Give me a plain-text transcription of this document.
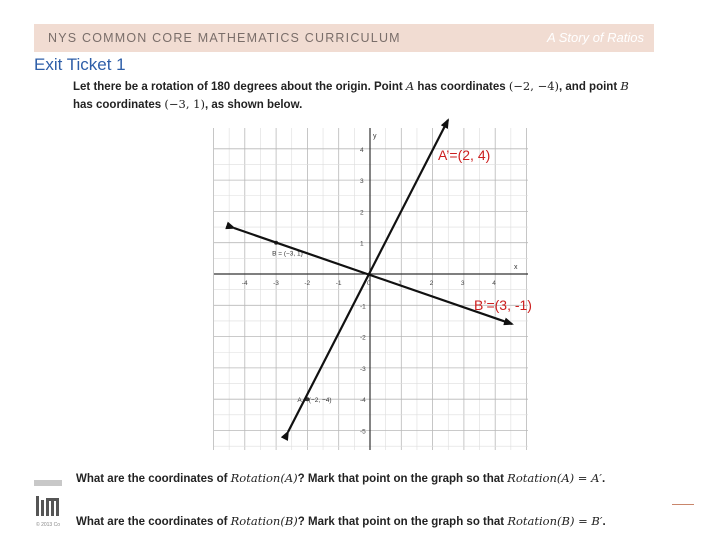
NYS COMMON CORE MATHEMATICS CURRICULUM	A Story of Ratios
Exit Ticket 1
Let there be a rotation of 180 degrees about the origin. Point A has coordinates (−2, −4), and point B
has coordinates (−3, 1), as shown below.
x
y
-4	-3	-2	-1	0	1	2	3	4
4
3
2
1
-1
-2
-3
-4
-5
A = (−2, −4)
B = (−3, 1)
A’=(2, 4)
B’=(3, -1)
What are the coordinates of Rotation(A)? Mark that point on the graph so that Rotation(A) = A′.
What are the coordinates of Rotation(B)? Mark that point on the graph so that Rotation(B) = B′.
© 2013 Co
